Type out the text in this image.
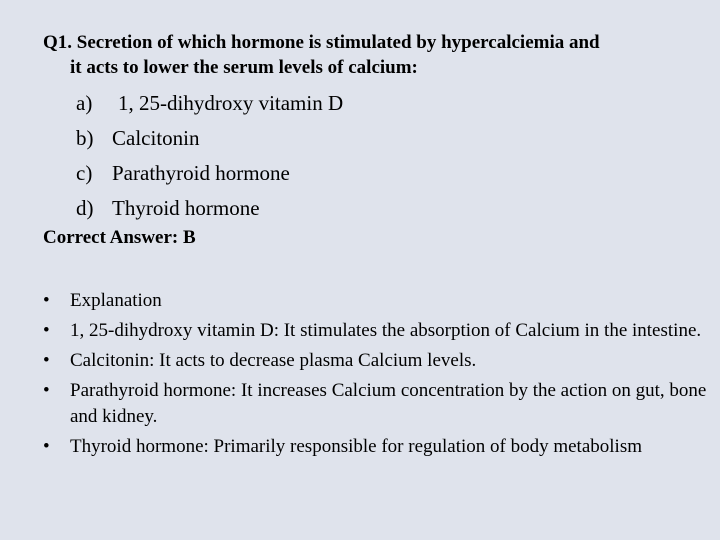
Q1. Secretion of which hormone is stimulated by hypercalciemia and
it acts to lower the serum levels of calcium:
a)	1, 25-dihydroxy vitamin D
b) Calcitonin
c) Parathyroid hormone
d) Thyroid hormone
Correct Answer: B
•	Explanation
•	1, 25-dihydroxy vitamin D: It stimulates the absorption of Calcium in the intestine.
•	Calcitonin: It acts to decrease plasma Calcium levels.
•	Parathyroid hormone: It increases Calcium concentration by the action on gut, bone and kidney.
•	Thyroid hormone: Primarily responsible for regulation of body metabolism
